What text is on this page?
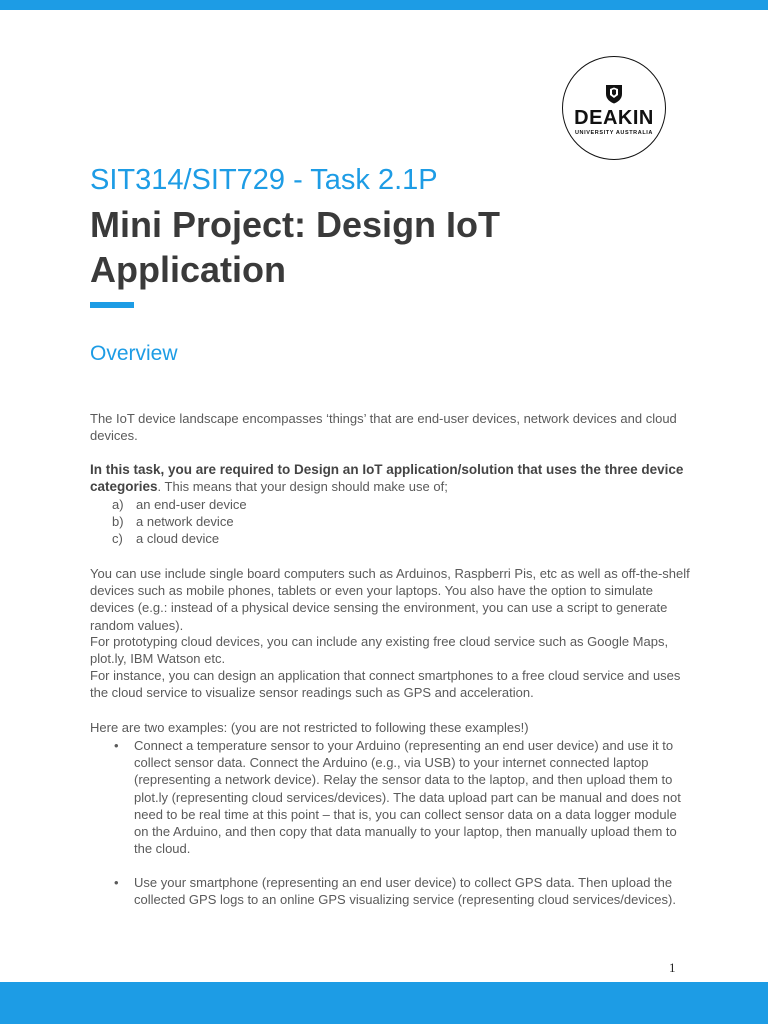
DEAKIN
UNIVERSITY AUSTRALIA
SIT314/SIT729 - Task 2.1P
Mini Project: Design IoT Application
Overview

The IoT device landscape encompasses ‘things’ that are end-user devices, network devices and cloud devices.

In this task, you are required to Design an IoT application/solution that uses the three device categories. This means that your design should make use of;

a) an end-user device
b) a network device
c) a cloud device

You can use include single board computers such as Arduinos, Raspberri Pis, etc as well as off-the-shelf devices such as mobile phones, tablets or even your laptops. You also have the option to simulate devices (e.g.: instead of a physical device sensing the environment, you can use a script to generate random values).

For prototyping cloud devices, you can include any existing free cloud service such as Google Maps, plot.ly, IBM Watson etc.

For instance, you can design an application that connect smartphones to a free cloud service and uses the cloud service to visualize sensor readings such as GPS and acceleration.

Here are two examples: (you are not restricted to following these examples!)

• Connect a temperature sensor to your Arduino (representing an end user device) and use it to collect sensor data. Connect the Arduino (e.g., via USB) to your internet connected laptop (representing a network device). Relay the sensor data to the laptop, and then upload them to plot.ly (representing cloud services/devices). The data upload part can be manual and does not need to be real time at this point – that is, you can collect sensor data on a data logger module on the Arduino, and then copy that data manually to your laptop, then manually upload them to the cloud.
• Use your smartphone (representing an end user device) to collect GPS data. Then upload the collected GPS logs to an online GPS visualizing service (representing cloud services/devices).
1
